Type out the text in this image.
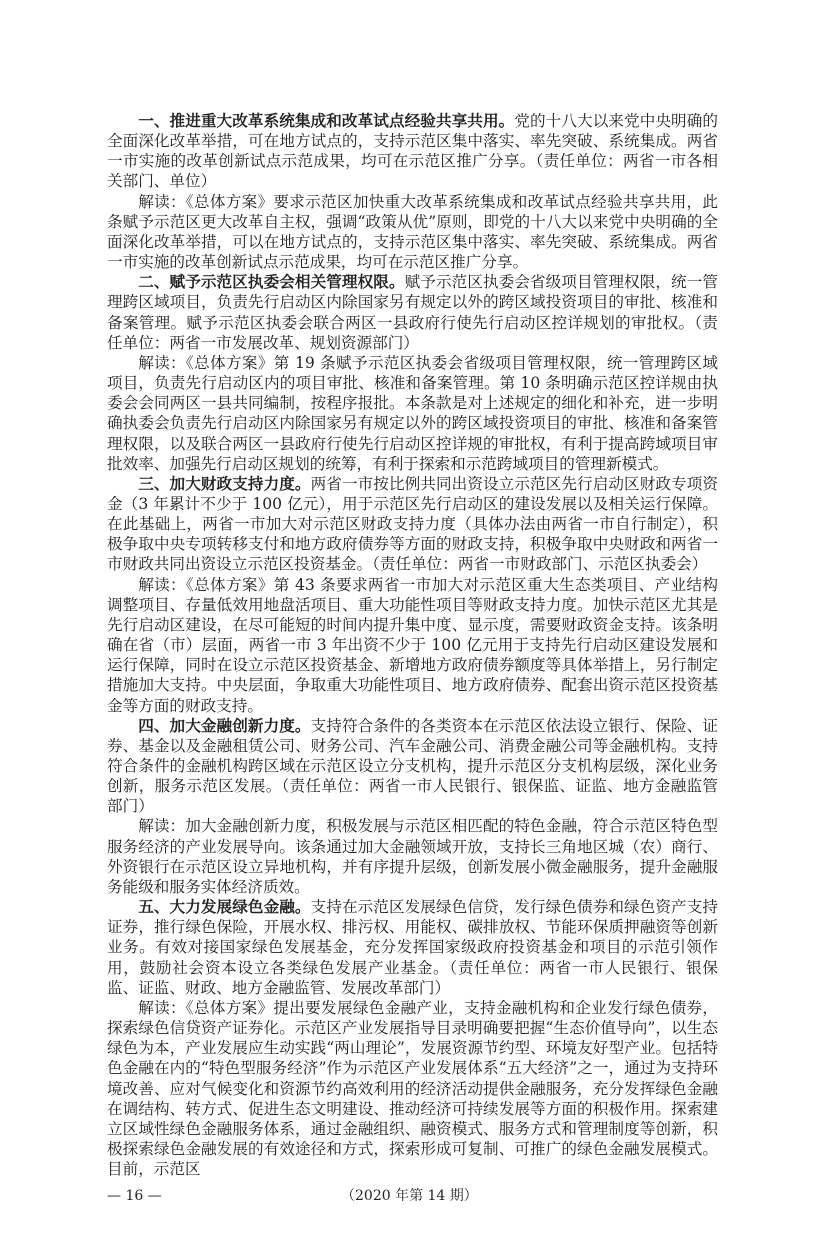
一、推进重大改革系统集成和改革试点经验共享共用。党的十八大以来党中央明确的全面深化改革举措，可在地方试点的，支持示范区集中落实、率先突破、系统集成。两省一市实施的改革创新试点示范成果，均可在示范区推广分享。（责任单位：两省一市各相关部门、单位）

解读：《总体方案》要求示范区加快重大改革系统集成和改革试点经验共享共用，此条赋予示范区更大改革自主权，强调“政策从优”原则，即党的十八大以来党中央明确的全面深化改革举措，可以在地方试点的，支持示范区集中落实、率先突破、系统集成。两省一市实施的改革创新试点示范成果，均可在示范区推广分享。

二、赋予示范区执委会相关管理权限。赋予示范区执委会省级项目管理权限，统一管理跨区域项目，负责先行启动区内除国家另有规定以外的跨区域投资项目的审批、核准和备案管理。赋予示范区执委会联合两区一县政府行使先行启动区控详规划的审批权。（责任单位：两省一市发展改革、规划资源部门）

解读：《总体方案》第 19 条赋予示范区执委会省级项目管理权限，统一管理跨区域项目，负责先行启动区内的项目审批、核准和备案管理。第 10 条明确示范区控详规由执委会会同两区一县共同编制，按程序报批。本条款是对上述规定的细化和补充，进一步明确执委会负责先行启动区内除国家另有规定以外的跨区域投资项目的审批、核准和备案管理权限，以及联合两区一县政府行使先行启动区控详规的审批权，有利于提高跨域项目审批效率、加强先行启动区规划的统筹，有利于探索和示范跨域项目的管理新模式。

三、加大财政支持力度。两省一市按比例共同出资设立示范区先行启动区财政专项资金（3 年累计不少于 100 亿元），用于示范区先行启动区的建设发展以及相关运行保障。在此基础上，两省一市加大对示范区财政支持力度（具体办法由两省一市自行制定），积极争取中央专项转移支付和地方政府债券等方面的财政支持，积极争取中央财政和两省一市财政共同出资设立示范区投资基金。（责任单位：两省一市财政部门、示范区执委会）

解读：《总体方案》第 43 条要求两省一市加大对示范区重大生态类项目、产业结构调整项目、存量低效用地盘活项目、重大功能性项目等财政支持力度。加快示范区尤其是先行启动区建设，在尽可能短的时间内提升集中度、显示度，需要财政资金支持。该条明确在省（市）层面，两省一市 3 年出资不少于 100 亿元用于支持先行启动区建设发展和运行保障，同时在设立示范区投资基金、新增地方政府债券额度等具体举措上，另行制定措施加大支持。中央层面，争取重大功能性项目、地方政府债券、配套出资示范区投资基金等方面的财政支持。

四、加大金融创新力度。支持符合条件的各类资本在示范区依法设立银行、保险、证券、基金以及金融租赁公司、财务公司、汽车金融公司、消费金融公司等金融机构。支持符合条件的金融机构跨区域在示范区设立分支机构，提升示范区分支机构层级，深化业务创新，服务示范区发展。（责任单位：两省一市人民银行、银保监、证监、地方金融监管部门）

解读：加大金融创新力度，积极发展与示范区相匹配的特色金融，符合示范区特色型服务经济的产业发展导向。该条通过加大金融领域开放，支持长三角地区城（农）商行、外资银行在示范区设立异地机构，并有序提升层级，创新发展小微金融服务，提升金融服务能级和服务实体经济质效。

五、大力发展绿色金融。支持在示范区发展绿色信贷，发行绿色债券和绿色资产支持证券，推行绿色保险，开展水权、排污权、用能权、碳排放权、节能环保质押融资等创新业务。有效对接国家绿色发展基金，充分发挥国家级政府投资基金和项目的示范引领作用，鼓励社会资本设立各类绿色发展产业基金。（责任单位：两省一市人民银行、银保监、证监、财政、地方金融监管、发展改革部门）

解读：《总体方案》提出要发展绿色金融产业，支持金融机构和企业发行绿色债券，探索绿色信贷资产证券化。示范区产业发展指导目录明确要把握“生态价值导向”，以生态绿色为本，产业发展应生动实践“两山理论”，发展资源节约型、环境友好型产业。包括特色金融在内的“特色型服务经济”作为示范区产业发展体系“五大经济”之一，通过为支持环境改善、应对气候变化和资源节约高效利用的经济活动提供金融服务，充分发挥绿色金融在调结构、转方式、促进生态文明建设、推动经济可持续发展等方面的积极作用。探索建立区域性绿色金融服务体系，通过金融组织、融资模式、服务方式和管理制度等创新，积极探索绿色金融发展的有效途径和方式，探索形成可复制、可推广的绿色金融发展模式。目前，示范区

— 16 —	（2020 年第 14 期）
